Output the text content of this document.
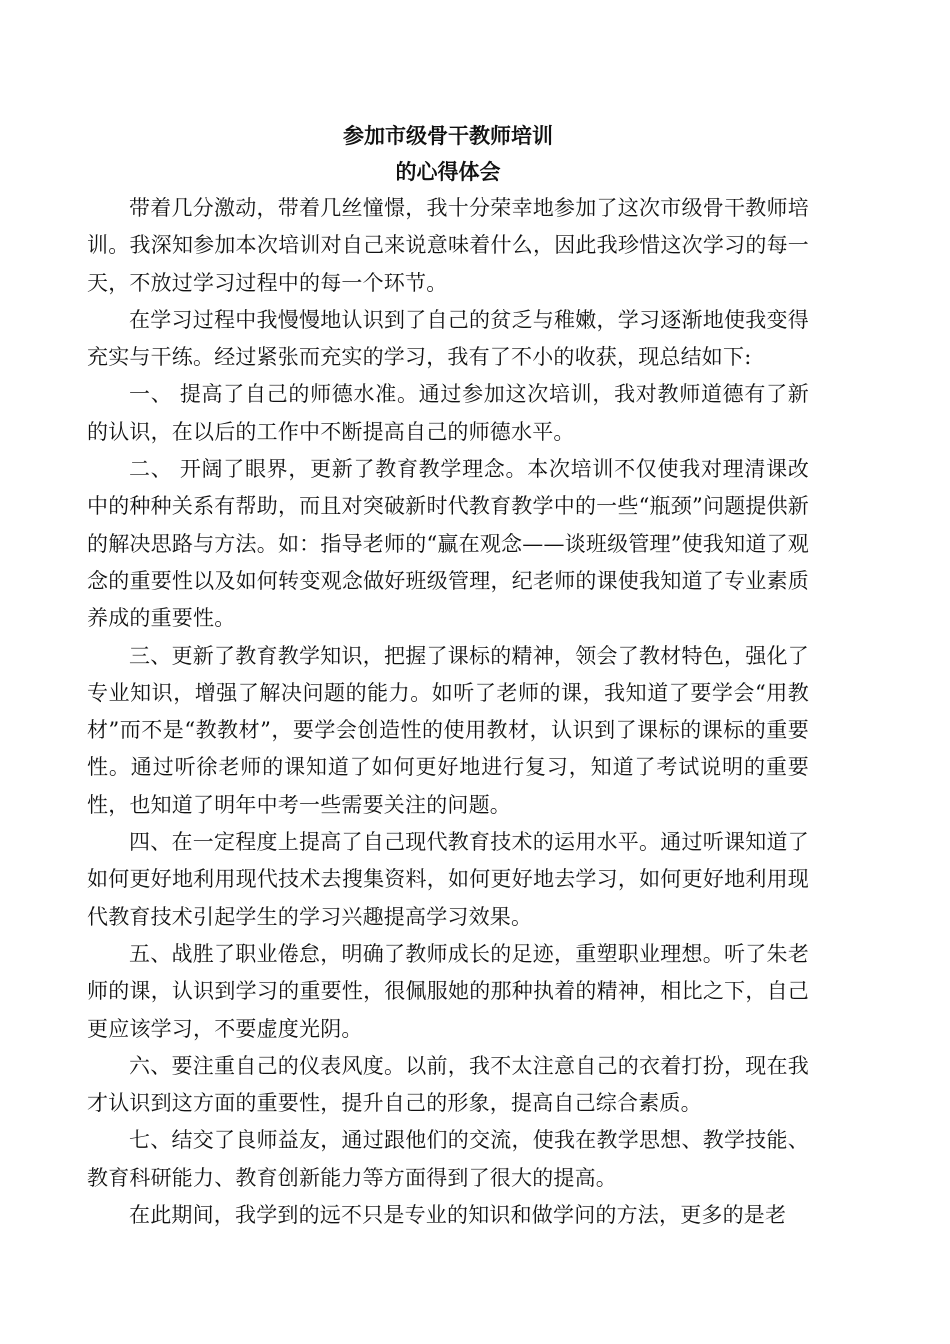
参加市级骨干教师培训
的心得体会

带着几分激动，带着几丝憧憬，我十分荣幸地参加了这次市级骨干教师培训。我深知参加本次培训对自己来说意味着什么，因此我珍惜这次学习的每一天，不放过学习过程中的每一个环节。

在学习过程中我慢慢地认识到了自己的贫乏与稚嫩，学习逐渐地使我变得充实与干练。经过紧张而充实的学习，我有了不小的收获，现总结如下:

一、 提高了自己的师德水准。通过参加这次培训，我对教师道德有了新的认识，在以后的工作中不断提高自己的师德水平。

二、 开阔了眼界，更新了教育教学理念。本次培训不仅使我对理清课改中的种种关系有帮助，而且对突破新时代教育教学中的一些“瓶颈”问题提供新的解决思路与方法。如：指导老师的“赢在观念——谈班级管理”使我知道了观念的重要性以及如何转变观念做好班级管理，纪老师的课使我知道了专业素质养成的重要性。

三、更新了教育教学知识，把握了课标的精神，领会了教材特色，强化了专业知识，增强了解决问题的能力。如听了老师的课，我知道了要学会“用教材”而不是“教教材”，要学会创造性的使用教材，认识到了课标的课标的重要性。通过听徐老师的课知道了如何更好地进行复习，知道了考试说明的重要性，也知道了明年中考一些需要关注的问题。

四、在一定程度上提高了自己现代教育技术的运用水平。通过听课知道了如何更好地利用现代技术去搜集资料，如何更好地去学习，如何更好地利用现代教育技术引起学生的学习兴趣提高学习效果。

五、战胜了职业倦怠，明确了教师成长的足迹，重塑职业理想。听了朱老师的课，认识到学习的重要性，很佩服她的那种执着的精神，相比之下，自己更应该学习，不要虚度光阴。

六、要注重自己的仪表风度。以前，我不太注意自己的衣着打扮，现在我才认识到这方面的重要性，提升自己的形象，提高自己综合素质。

七、结交了良师益友，通过跟他们的交流，使我在教学思想、教学技能、教育科研能力、教育创新能力等方面得到了很大的提高。

在此期间，我学到的远不只是专业的知识和做学问的方法，更多的是老
